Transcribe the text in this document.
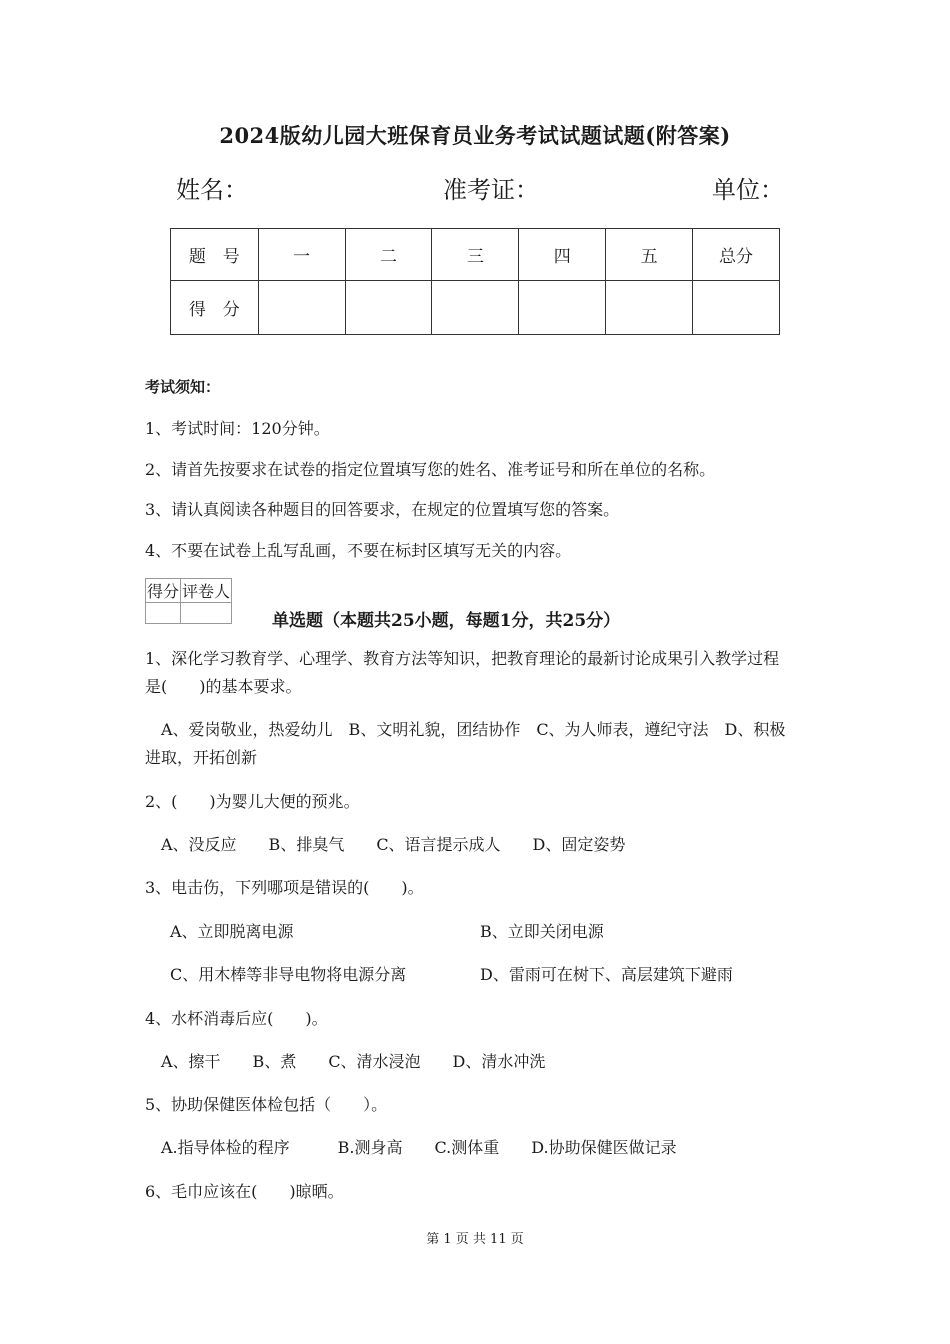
2024版幼儿园大班保育员业务考试试题试题(附答案)
姓名：	准考证：	单位：
题　号	一	二	三	四	五	总分
得　分						
考试须知：
1、考试时间：120分钟。
2、请首先按要求在试卷的指定位置填写您的姓名、准考证号和所在单位的名称。
3、请认真阅读各种题目的回答要求，在规定的位置填写您的答案。
4、不要在试卷上乱写乱画，不要在标封区填写无关的内容。
得分	评卷人

单选题（本题共25小题，每题1分，共25分）
1、深化学习教育学、心理学、教育方法等知识，把教育理论的最新讨论成果引入教学过程
是(　　)的基本要求。
　A、爱岗敬业，热爱幼儿　B、文明礼貌，团结协作　C、为人师表，遵纪守法　D、积极
进取，开拓创新
2、(　　)为婴儿大便的预兆。
　A、没反应　　B、排臭气　　C、语言提示成人　　D、固定姿势
3、电击伤，下列哪项是错误的(　　)。
A、立即脱离电源	B、立即关闭电源
C、用木棒等非导电物将电源分离	D、雷雨可在树下、高层建筑下避雨
4、水杯消毒后应(　　)。
　A、擦干　　B、煮　　C、清水浸泡　　D、清水冲洗
5、协助保健医体检包括（　　）。
　A.指导体检的程序　　　B.测身高　　C.测体重　　D.协助保健医做记录
6、毛巾应该在(　　)晾晒。
第 1 页 共 11 页
